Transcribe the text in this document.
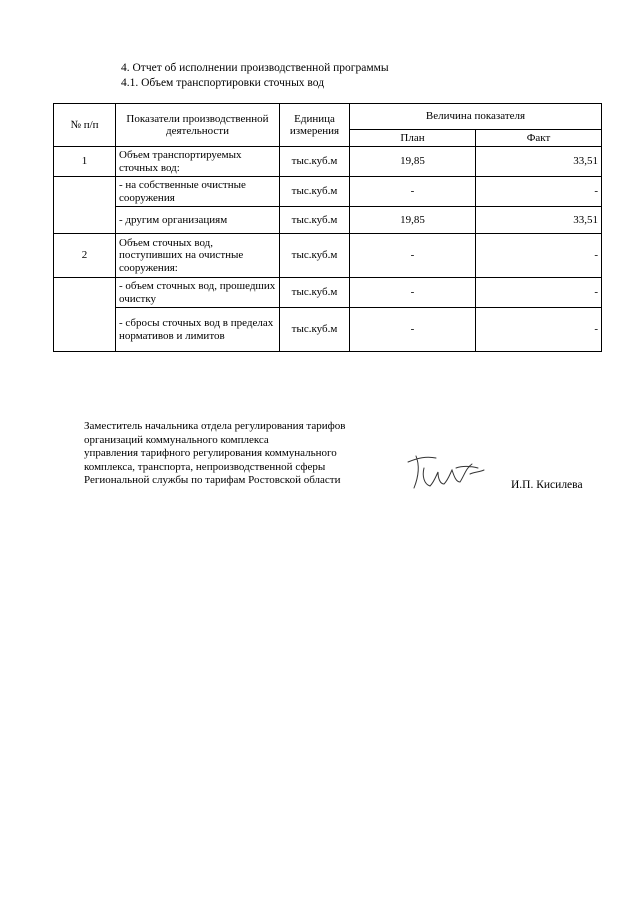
4. Отчет об исполнении производственной программы
4.1. Объем транспортировки сточных вод
№ п/п	Показатели производственной деятельности	Единица измерения	Величина показателя	
			План	Факт
1	Объем транспортируемых сточных вод:	тыс.куб.м	19,85	33,51
	- на собственные очистные сооружения	тыс.куб.м	-	-
	- другим организациям	тыс.куб.м	19,85	33,51
2	Объем сточных вод, поступивших на очистные сооружения:	тыс.куб.м	-	-
	- объем сточных вод, прошедших очистку	тыс.куб.м	-	-
	- сбросы сточных вод в пределах нормативов и лимитов	тыс.куб.м	-	-
Заместитель начальника отдела регулирования тарифов
организаций коммунального комплекса
управления тарифного регулирования коммунального
комплекса, транспорта, непроизводственной сферы
Региональной службы по тарифам Ростовской области	И.П. Кисилева
